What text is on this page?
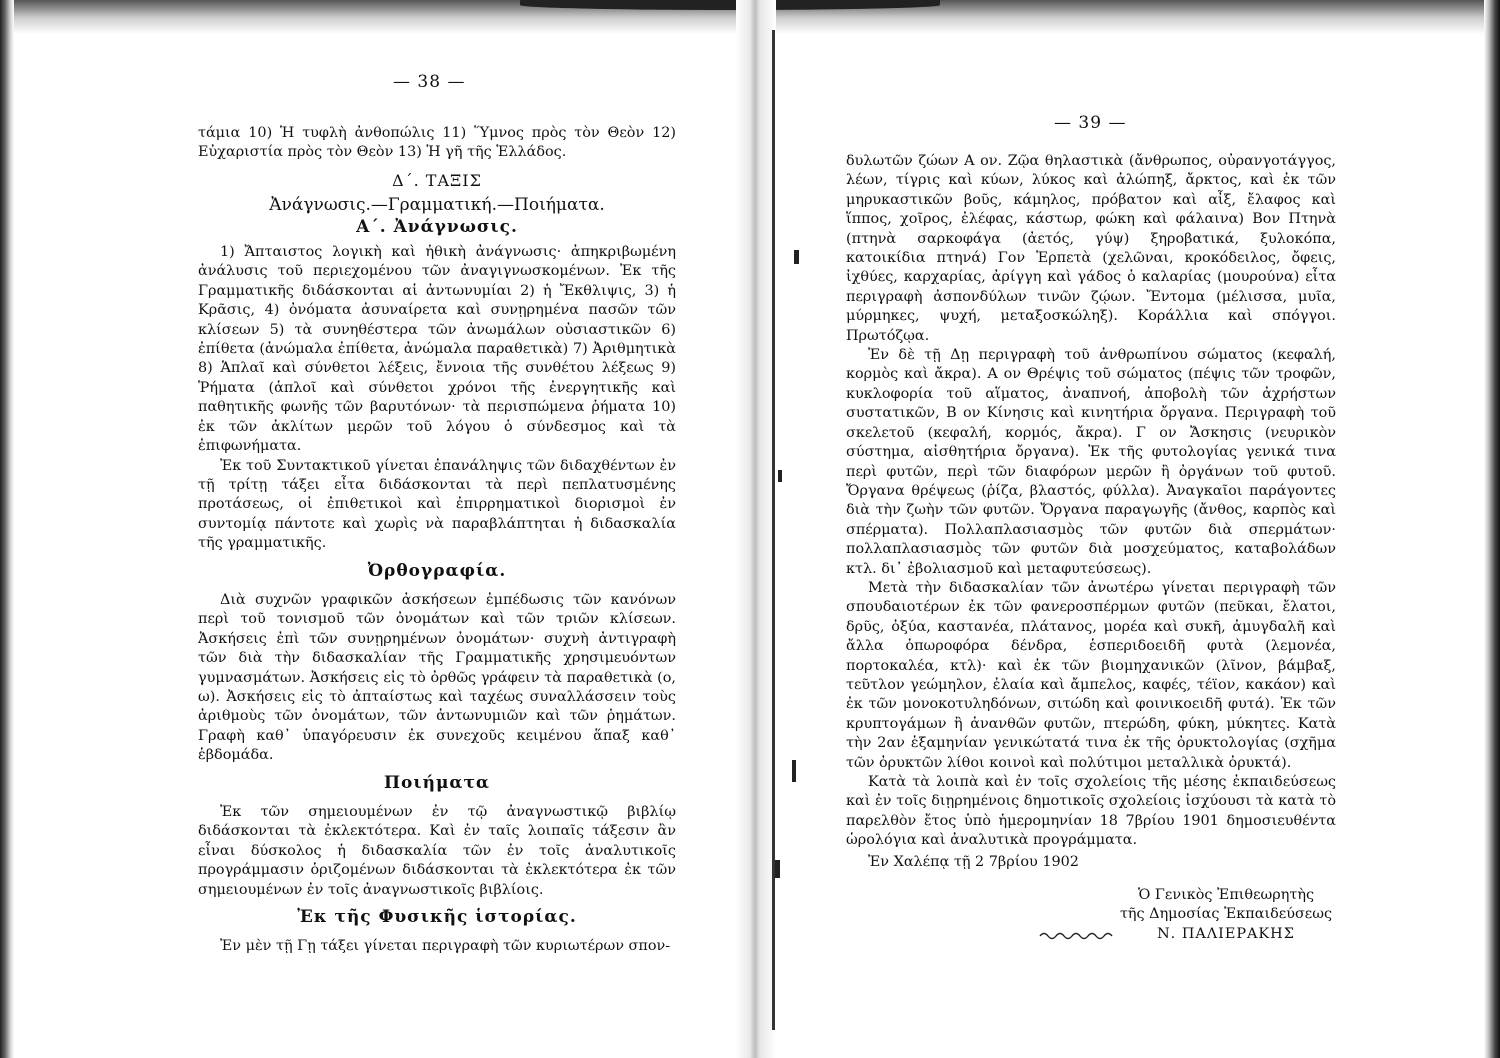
— 38 —

τάμια 10) Ἡ τυφλὴ ἀνθοπώλις 11) Ὕμνος πρὸς τὸν Θεὸν 12) Εὐχαριστία πρὸς τὸν Θεὸν 13) Ἡ γῆ τῆς Ἑλλάδος.

Δ΄. ΤΑΞΙΣ
Ἀνάγνωσις.—Γραμματική.—Ποιήματα.
Α΄. Ἀνάγνωσις.

1) Ἄπταιστος λογικὴ καὶ ἠθικὴ ἀνάγνωσις· ἀπηκριβωμένη ἀνάλυσις τοῦ περιεχομένου τῶν ἀναγιγνωσκομένων. Ἐκ τῆς Γραμματικῆς διδάσκονται αἱ ἀντωνυμίαι 2) ἡ Ἔκθλιψις, 3) ἡ Κρᾶσις, 4) ὀνόματα ἀσυναίρετα καὶ συνῃρημένα πασῶν τῶν κλίσεων 5) τὰ συνηθέστερα τῶν ἀνωμάλων οὐσιαστικῶν 6) ἐπίθετα (ἀνώμαλα ἐπίθετα, ἀνώμαλα παραθετικὰ) 7) Ἀριθμητικὰ 8) Ἁπλαῖ καὶ σύνθετοι λέξεις, ἔννοια τῆς συνθέτου λέξεως 9) Ῥήματα (ἁπλοῖ καὶ σύνθετοι χρόνοι τῆς ἐνεργητικῆς καὶ παθητικῆς φωνῆς τῶν βαρυτόνων· τὰ περισπώμενα ῥήματα 10) ἐκ τῶν ἀκλίτων μερῶν τοῦ λόγου ὁ σύνδεσμος καὶ τὰ ἐπιφωνήματα.

Ἐκ τοῦ Συντακτικοῦ γίνεται ἐπανάληψις τῶν διδαχθέντων ἐν τῇ τρίτῃ τάξει εἶτα διδάσκονται τὰ περὶ πεπλατυσμένης προτάσεως, οἱ ἐπιθετικοὶ καὶ ἐπιρρηματικοὶ διορισμοὶ ἐν συντομίᾳ πάντοτε καὶ χωρὶς νὰ παραβλάπτηται ἡ διδασκαλία τῆς γραμματικῆς.

Ὀρθογραφία.

Διὰ συχνῶν γραφικῶν ἀσκήσεων ἐμπέδωσις τῶν κανόνων περὶ τοῦ τονισμοῦ τῶν ὀνομάτων καὶ τῶν τριῶν κλίσεων. Ἀσκήσεις ἐπὶ τῶν συνῃρημένων ὀνομάτων· συχνὴ ἀντιγραφὴ τῶν διὰ τὴν διδασκαλίαν τῆς Γραμματικῆς χρησιμευόντων γυμνασμάτων. Ἀσκήσεις εἰς τὸ ὀρθῶς γράφειν τὰ παραθετικὰ (ο, ω). Ἀσκήσεις εἰς τὸ ἀπταίστως καὶ ταχέως συναλλάσσειν τοὺς ἀριθμοὺς τῶν ὀνομάτων, τῶν ἀντωνυμιῶν καὶ τῶν ῥημάτων. Γραφὴ καθ᾽ ὑπαγόρευσιν ἐκ συνεχοῦς κειμένου ἅπαξ καθ᾽ ἑβδομάδα.

Ποιήματα

Ἐκ τῶν σημειουμένων ἐν τῷ ἀναγνωστικῷ βιβλίῳ διδάσκονται τὰ ἐκλεκτότερα. Καὶ ἐν ταῖς λοιπαῖς τάξεσιν ἂν εἶναι δύσκολος ἡ διδασκαλία τῶν ἐν τοῖς ἀναλυτικοῖς προγράμμασιν ὁριζομένων διδάσκονται τὰ ἐκλεκτότερα ἐκ τῶν σημειουμένων ἐν τοῖς ἀναγνωστικοῖς βιβλίοις.

Ἐκ τῆς Φυσικῆς ἱστορίας.

Ἐν μὲν τῇ Γῃ τάξει γίνεται περιγραφὴ τῶν κυριωτέρων σπον-

— 39 —

δυλωτῶν ζώων Α ον. Ζῷα θηλαστικὰ (ἄνθρωπος, οὐρανγοτάγγος, λέων, τίγρις καὶ κύων, λύκος καὶ ἀλώπηξ, ἄρκτος, καὶ ἐκ τῶν μηρυκαστικῶν βοῦς, κάμηλος, πρόβατον καὶ αἶξ, ἔλαφος καὶ ἵππος, χοῖρος, ἐλέφας, κάστωρ, φώκη καὶ φάλαινα) Βον Πτηνὰ (πτηνὰ σαρκοφάγα (ἀετός, γύψ) ξηροβατικά, ξυλοκόπα, κατοικίδια πτηνά) Γον Ἑρπετὰ (χελῶναι, κροκόδειλος, ὄφεις, ἰχθύες, καρχαρίας, ἀρίγγη καὶ γάδος ὁ καλαρίας (μουρούνα) εἶτα περιγραφὴ ἀσπονδύλων τινῶν ζῴων. Ἔντομα (μέλισσα, μυῖα, μύρμηκες, ψυχή, μεταξοσκώληξ). Κοράλλια καὶ σπόγγοι. Πρωτόζῳα.

Ἐν δὲ τῇ Δῃ περιγραφὴ τοῦ ἀνθρωπίνου σώματος (κεφαλή, κορμὸς καὶ ἄκρα). Α ον Θρέψις τοῦ σώματος (πέψις τῶν τροφῶν, κυκλοφορία τοῦ αἵματος, ἀναπνοή, ἀποβολὴ τῶν ἀχρήστων συστατικῶν, Β ον Κίνησις καὶ κινητήρια ὄργανα. Περιγραφὴ τοῦ σκελετοῦ (κεφαλή, κορμός, ἄκρα). Γ ον Ἄσκησις (νευρικὸν σύστημα, αἰσθητήρια ὄργανα). Ἐκ τῆς φυτολογίας γενικά τινα περὶ φυτῶν, περὶ τῶν διαφόρων μερῶν ἢ ὀργάνων τοῦ φυτοῦ. Ὄργανα θρέψεως (ῥίζα, βλαστός, φύλλα). Ἀναγκαῖοι παράγοντες διὰ τὴν ζωὴν τῶν φυτῶν. Ὄργανα παραγωγῆς (ἄνθος, καρπὸς καὶ σπέρματα). Πολλαπλασιασμὸς τῶν φυτῶν διὰ σπερμάτων· πολλαπλασιασμὸς τῶν φυτῶν διὰ μοσχεύματος, καταβολάδων κτλ. δι᾽ ἐβολιασμοῦ καὶ μεταφυτεύσεως).

Μετὰ τὴν διδασκαλίαν τῶν ἀνωτέρω γίνεται περιγραφὴ τῶν σπουδαιοτέρων ἐκ τῶν φανεροσπέρμων φυτῶν (πεῦκαι, ἔλατοι, δρῦς, ὀξύα, καστανέα, πλάτανος, μορέα καὶ συκῆ, ἀμυγδαλῆ καὶ ἄλλα ὀπωροφόρα δένδρα, ἑσπεριδοειδῆ φυτὰ (λεμονέα, πορτοκαλέα, κτλ)· καὶ ἐκ τῶν βιομηχανικῶν (λῖνον, βάμβαξ, τεῦτλον γεώμηλον, ἐλαία καὶ ἄμπελος, καφές, τέϊον, κακάον) καὶ ἐκ τῶν μονοκοτυληδόνων, σιτώδη καὶ φοινικοειδῆ φυτά). Ἐκ τῶν κρυπτογάμων ἢ ἀνανθῶν φυτῶν, πτερώδη, φύκη, μύκητες. Κατὰ τὴν 2αν ἑξαμηνίαν γενικώτατά τινα ἐκ τῆς ὀρυκτολογίας (σχῆμα τῶν ὀρυκτῶν λίθοι κοινοὶ καὶ πολύτιμοι μεταλλικὰ ὀρυκτά).

Κατὰ τὰ λοιπὰ καὶ ἐν τοῖς σχολείοις τῆς μέσης ἐκπαιδεύσεως καὶ ἐν τοῖς διῃρημένοις δημοτικοῖς σχολείοις ἰσχύουσι τὰ κατὰ τὸ παρελθὸν ἔτος ὑπὸ ἡμερομηνίαν 18 7βρίου 1901 δημοσιευθέντα ὡρολόγια καὶ ἀναλυτικὰ προγράμματα.

Ἐν Χαλέπᾳ τῇ 2 7βρίου 1902

Ὁ Γενικὸς Ἐπιθεωρητὴς
τῆς Δημοσίας Ἐκπαιδεύσεως
Ν. ΠΑΛΙΕΡΑΚΗΣ
